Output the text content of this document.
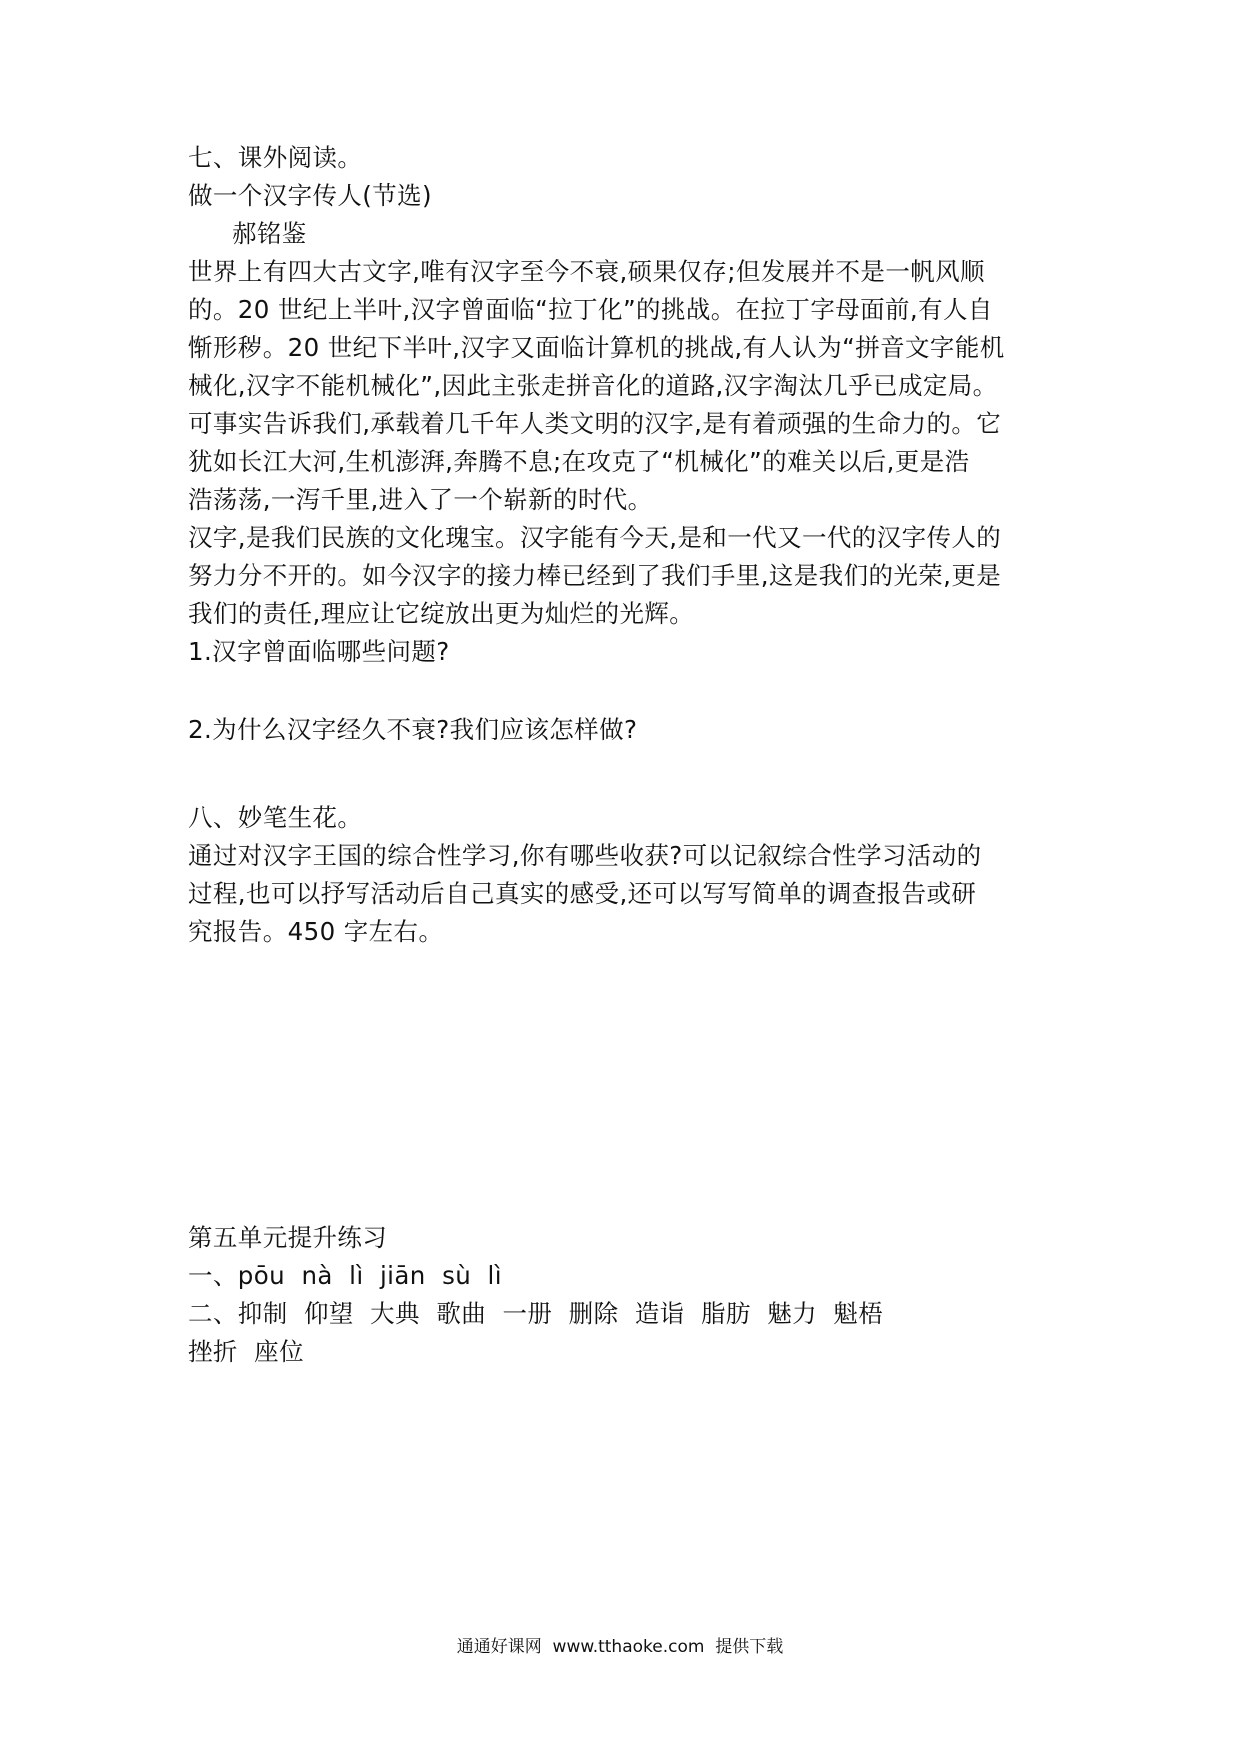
七、课外阅读。
做一个汉字传人(节选)
郝铭鉴
世界上有四大古文字,唯有汉字至今不衰,硕果仅存;但发展并不是一帆风顺
的。20 世纪上半叶,汉字曾面临“拉丁化”的挑战。在拉丁字母面前,有人自
惭形秽。20 世纪下半叶,汉字又面临计算机的挑战,有人认为“拼音文字能机
械化,汉字不能机械化”,因此主张走拼音化的道路,汉字淘汰几乎已成定局。
可事实告诉我们,承载着几千年人类文明的汉字,是有着顽强的生命力的。它
犹如长江大河,生机澎湃,奔腾不息;在攻克了“机械化”的难关以后,更是浩
浩荡荡,一泻千里,进入了一个崭新的时代。
汉字,是我们民族的文化瑰宝。汉字能有今天,是和一代又一代的汉字传人的
努力分不开的。如今汉字的接力棒已经到了我们手里,这是我们的光荣,更是
我们的责任,理应让它绽放出更为灿烂的光辉。
1.汉字曾面临哪些问题?
2.为什么汉字经久不衰?我们应该怎样做?
八、妙笔生花。
通过对汉字王国的综合性学习,你有哪些收获?可以记叙综合性学习活动的
过程,也可以抒写活动后自己真实的感受,还可以写写简单的调查报告或研
究报告。450 字左右。
第五单元提升练习
一、pōu  nà  lì  jiān  sù  lì
二、抑制  仰望  大典  歌曲  一册  删除  造诣  脂肪  魅力  魁梧
挫折  座位
通通好课网  www.tthaoke.com  提供下载
